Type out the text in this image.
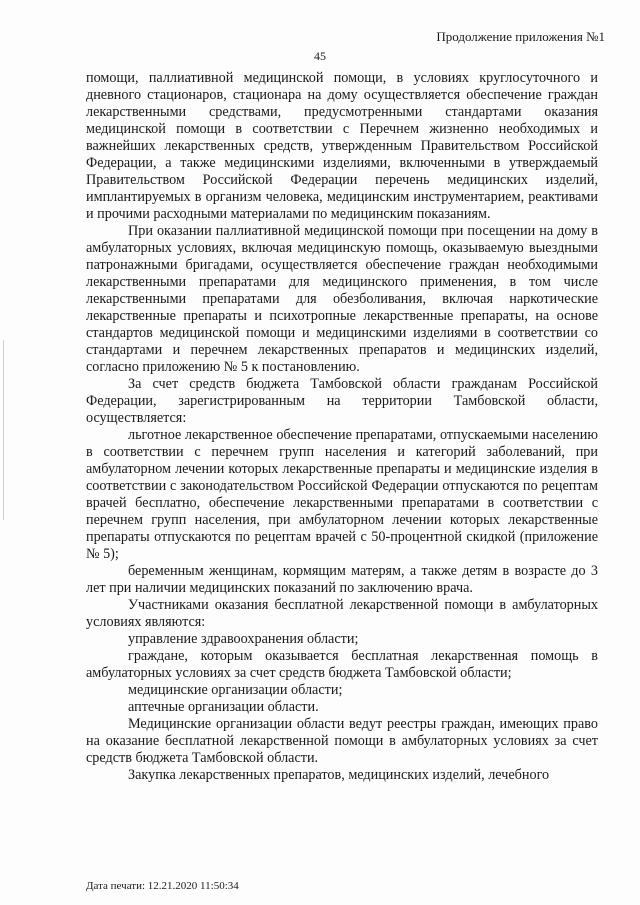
Продолжение приложения №1
45

помощи, паллиативной медицинской помощи, в условиях круглосуточного и дневного стационаров, стационара на дому осуществляется обеспечение граждан лекарственными средствами, предусмотренными стандартами оказания медицинской помощи в соответствии с Перечнем жизненно необходимых и важнейших лекарственных средств, утвержденным Правительством Российской Федерации, а также медицинскими изделиями, включенными в утверждаемый Правительством Российской Федерации перечень медицинских изделий, имплантируемых в организм человека, медицинским инструментарием, реактивами и прочими расходными материалами по медицинским показаниям.

При оказании паллиативной медицинской помощи при посещении на дому в амбулаторных условиях, включая медицинскую помощь, оказываемую выездными патронажными бригадами, осуществляется обеспечение граждан необходимыми лекарственными препаратами для медицинского применения, в том числе лекарственными препаратами для обезболивания, включая наркотические лекарственные препараты и психотропные лекарственные препараты, на основе стандартов медицинской помощи и медицинскими изделиями в соответствии со стандартами и перечнем лекарственных препаратов и медицинских изделий, согласно приложению № 5 к постановлению.

За счет средств бюджета Тамбовской области гражданам Российской Федерации, зарегистрированным на территории Тамбовской области, осуществляется:

льготное лекарственное обеспечение препаратами, отпускаемыми населению в соответствии с перечнем групп населения и категорий заболеваний, при амбулаторном лечении которых лекарственные препараты и медицинские изделия в соответствии с законодательством Российской Федерации отпускаются по рецептам врачей бесплатно, обеспечение лекарственными препаратами в соответствии с перечнем групп населения, при амбулаторном лечении которых лекарственные препараты отпускаются по рецептам врачей с 50-процентной скидкой (приложение № 5);

беременным женщинам, кормящим матерям, а также детям в возрасте до 3 лет при наличии медицинских показаний по заключению врача.

Участниками оказания бесплатной лекарственной помощи в амбулаторных условиях являются:

управление здравоохранения области;

граждане, которым оказывается бесплатная лекарственная помощь в амбулаторных условиях за счет средств бюджета Тамбовской области;

медицинские организации области;

аптечные организации области.

Медицинские организации области ведут реестры граждан, имеющих право на оказание бесплатной лекарственной помощи в амбулаторных условиях за счет средств бюджета Тамбовской области.

Закупка лекарственных препаратов, медицинских изделий, лечебного

Дата печати: 12.21.2020 11:50:34
